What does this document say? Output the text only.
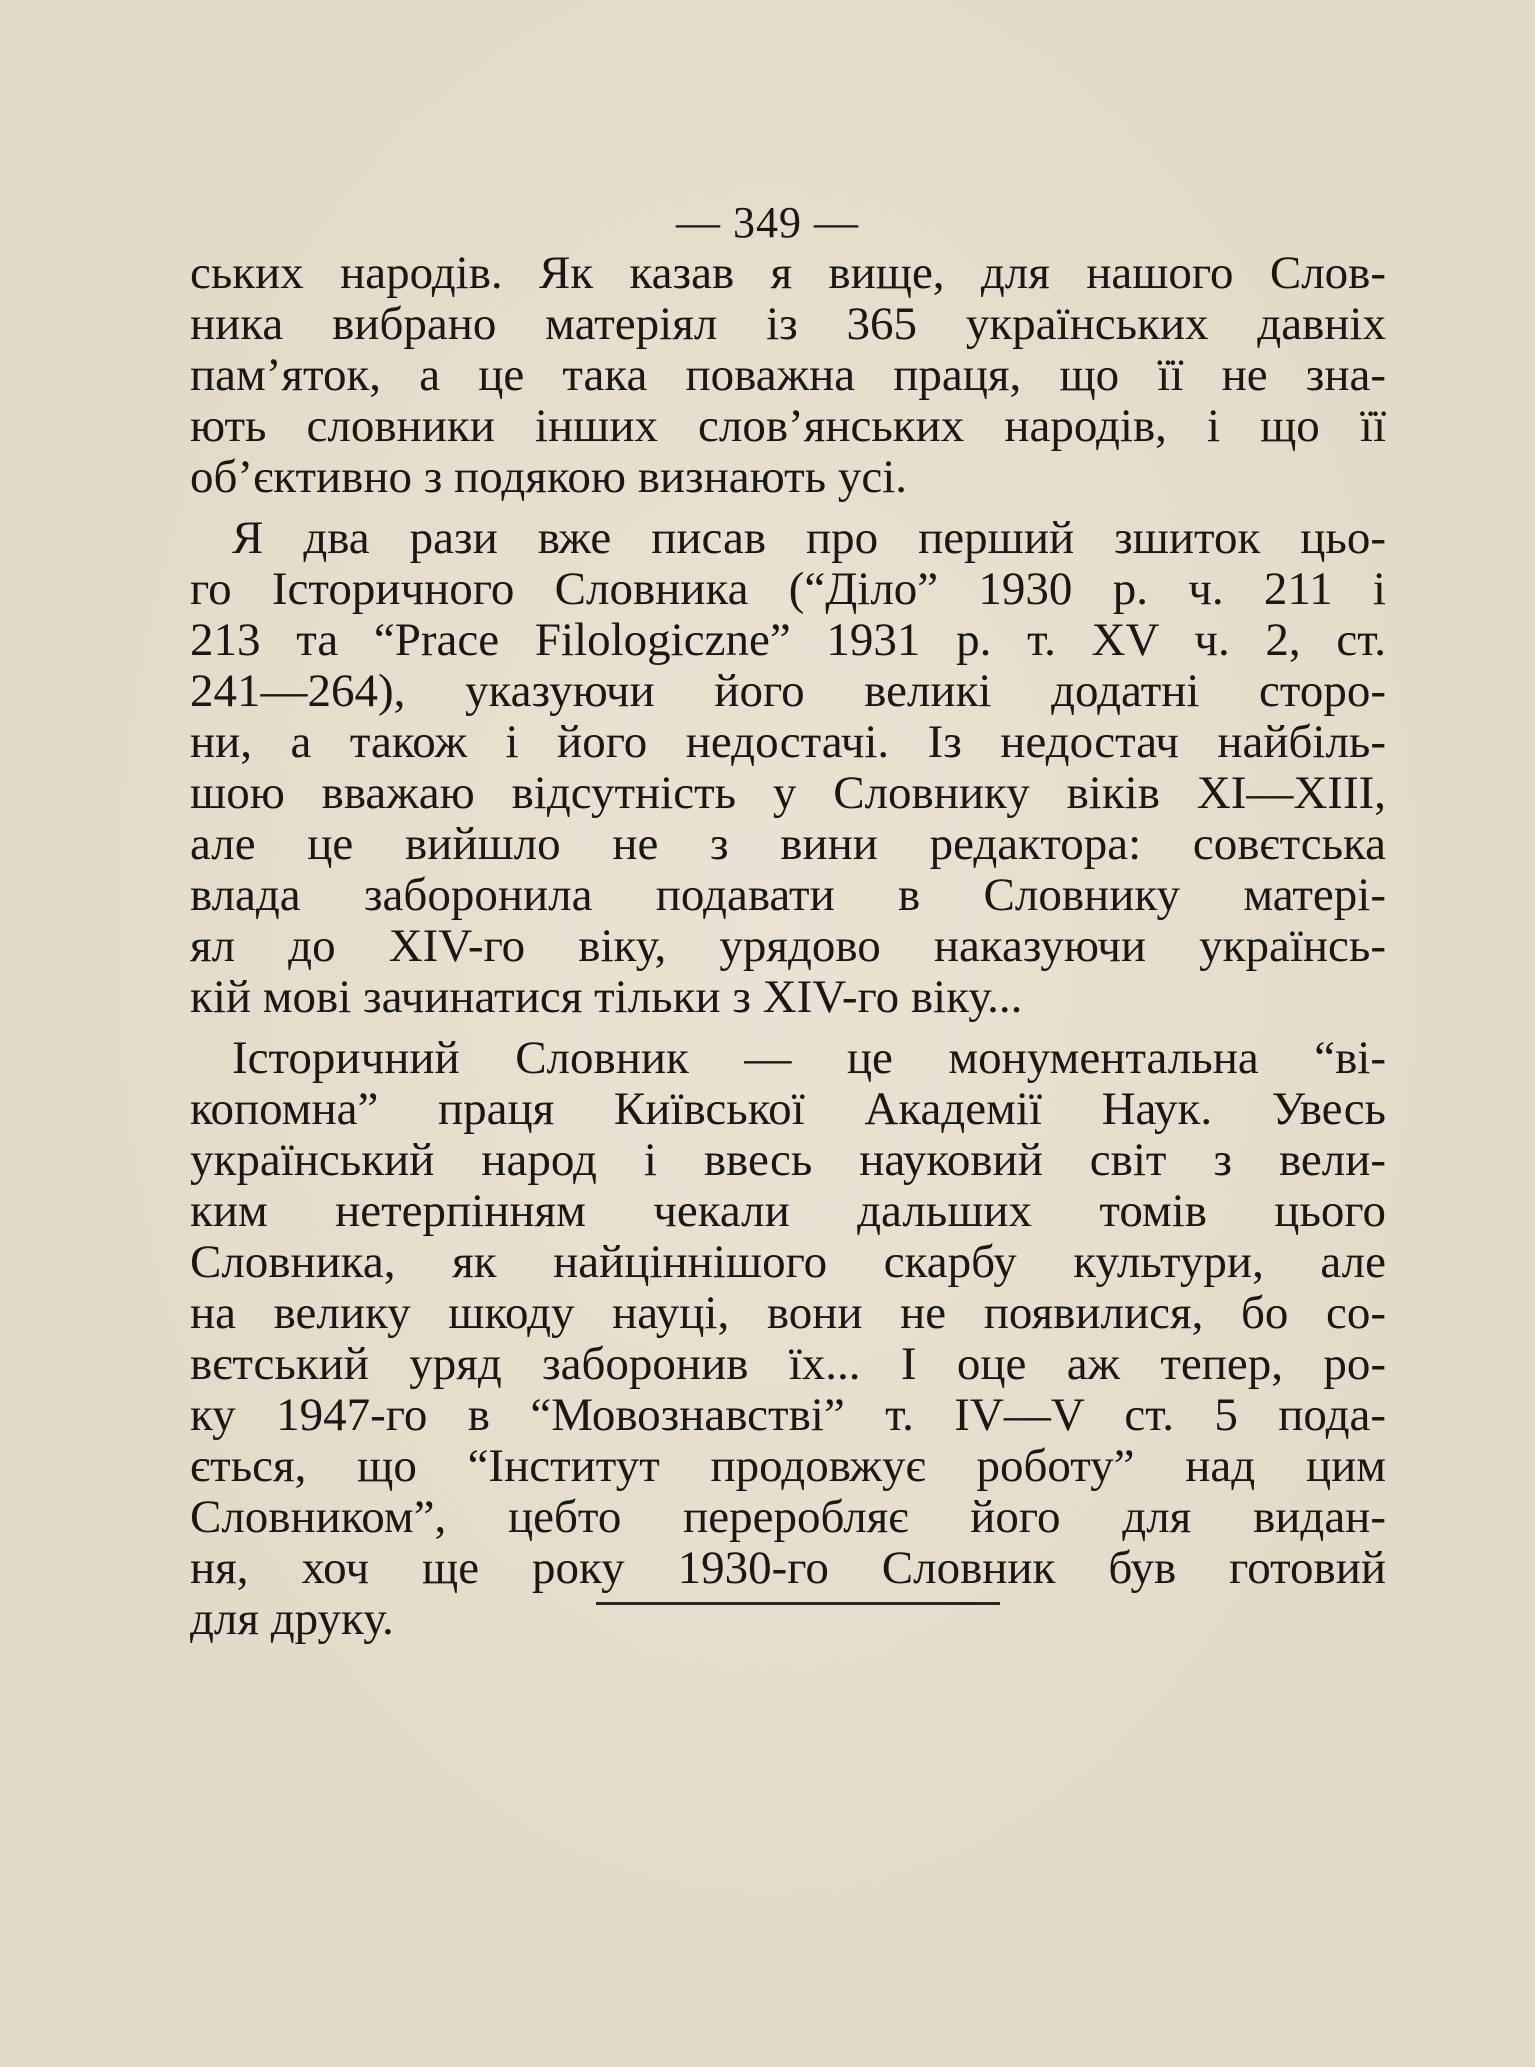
— 349 —
ських народів. Як казав я вище, для нашого Слов-
ника вибрано матеріял із 365 українських давніх
пам’яток, а це така поважна праця, що її не зна-
ють словники інших слов’янських народів, і що її
об’єктивно з подякою визнають усі.
Я два рази вже писав про перший зшиток цьо-
го Історичного Словника (“Діло” 1930 р. ч. 211 і
213 та “Prace Filologiczne” 1931 р. т. XV ч. 2, ст.
241—264), указуючи його великі додатні сторо-
ни, а також і його недостачі. Із недостач найбіль-
шою вважаю відсутність у Словнику віків XI—XIII,
але це вийшло не з вини редактора: совєтська
влада заборонила подавати в Словнику матері-
ял до XIV-го віку, урядово наказуючи українсь-
кій мові зачинатися тільки з XIV-го віку...
Історичний Словник — це монументальна “ві-
копомна” праця Київської Академії Наук. Увесь
український народ і ввесь науковий світ з вели-
ким нетерпінням чекали дальших томів цього
Словника, як найціннішого скарбу культури, але
на велику шкоду науці, вони не появилися, бо со-
вєтський уряд заборонив їх... І оце аж тепер, ро-
ку 1947-го в “Мовознавстві” т. IV—V ст. 5 пода-
ється, що “Інститут продовжує роботу” над цим
Словником”, цебто переробляє його для видан-
ня, хоч ще року 1930-го Словник був готовий
для друку.
